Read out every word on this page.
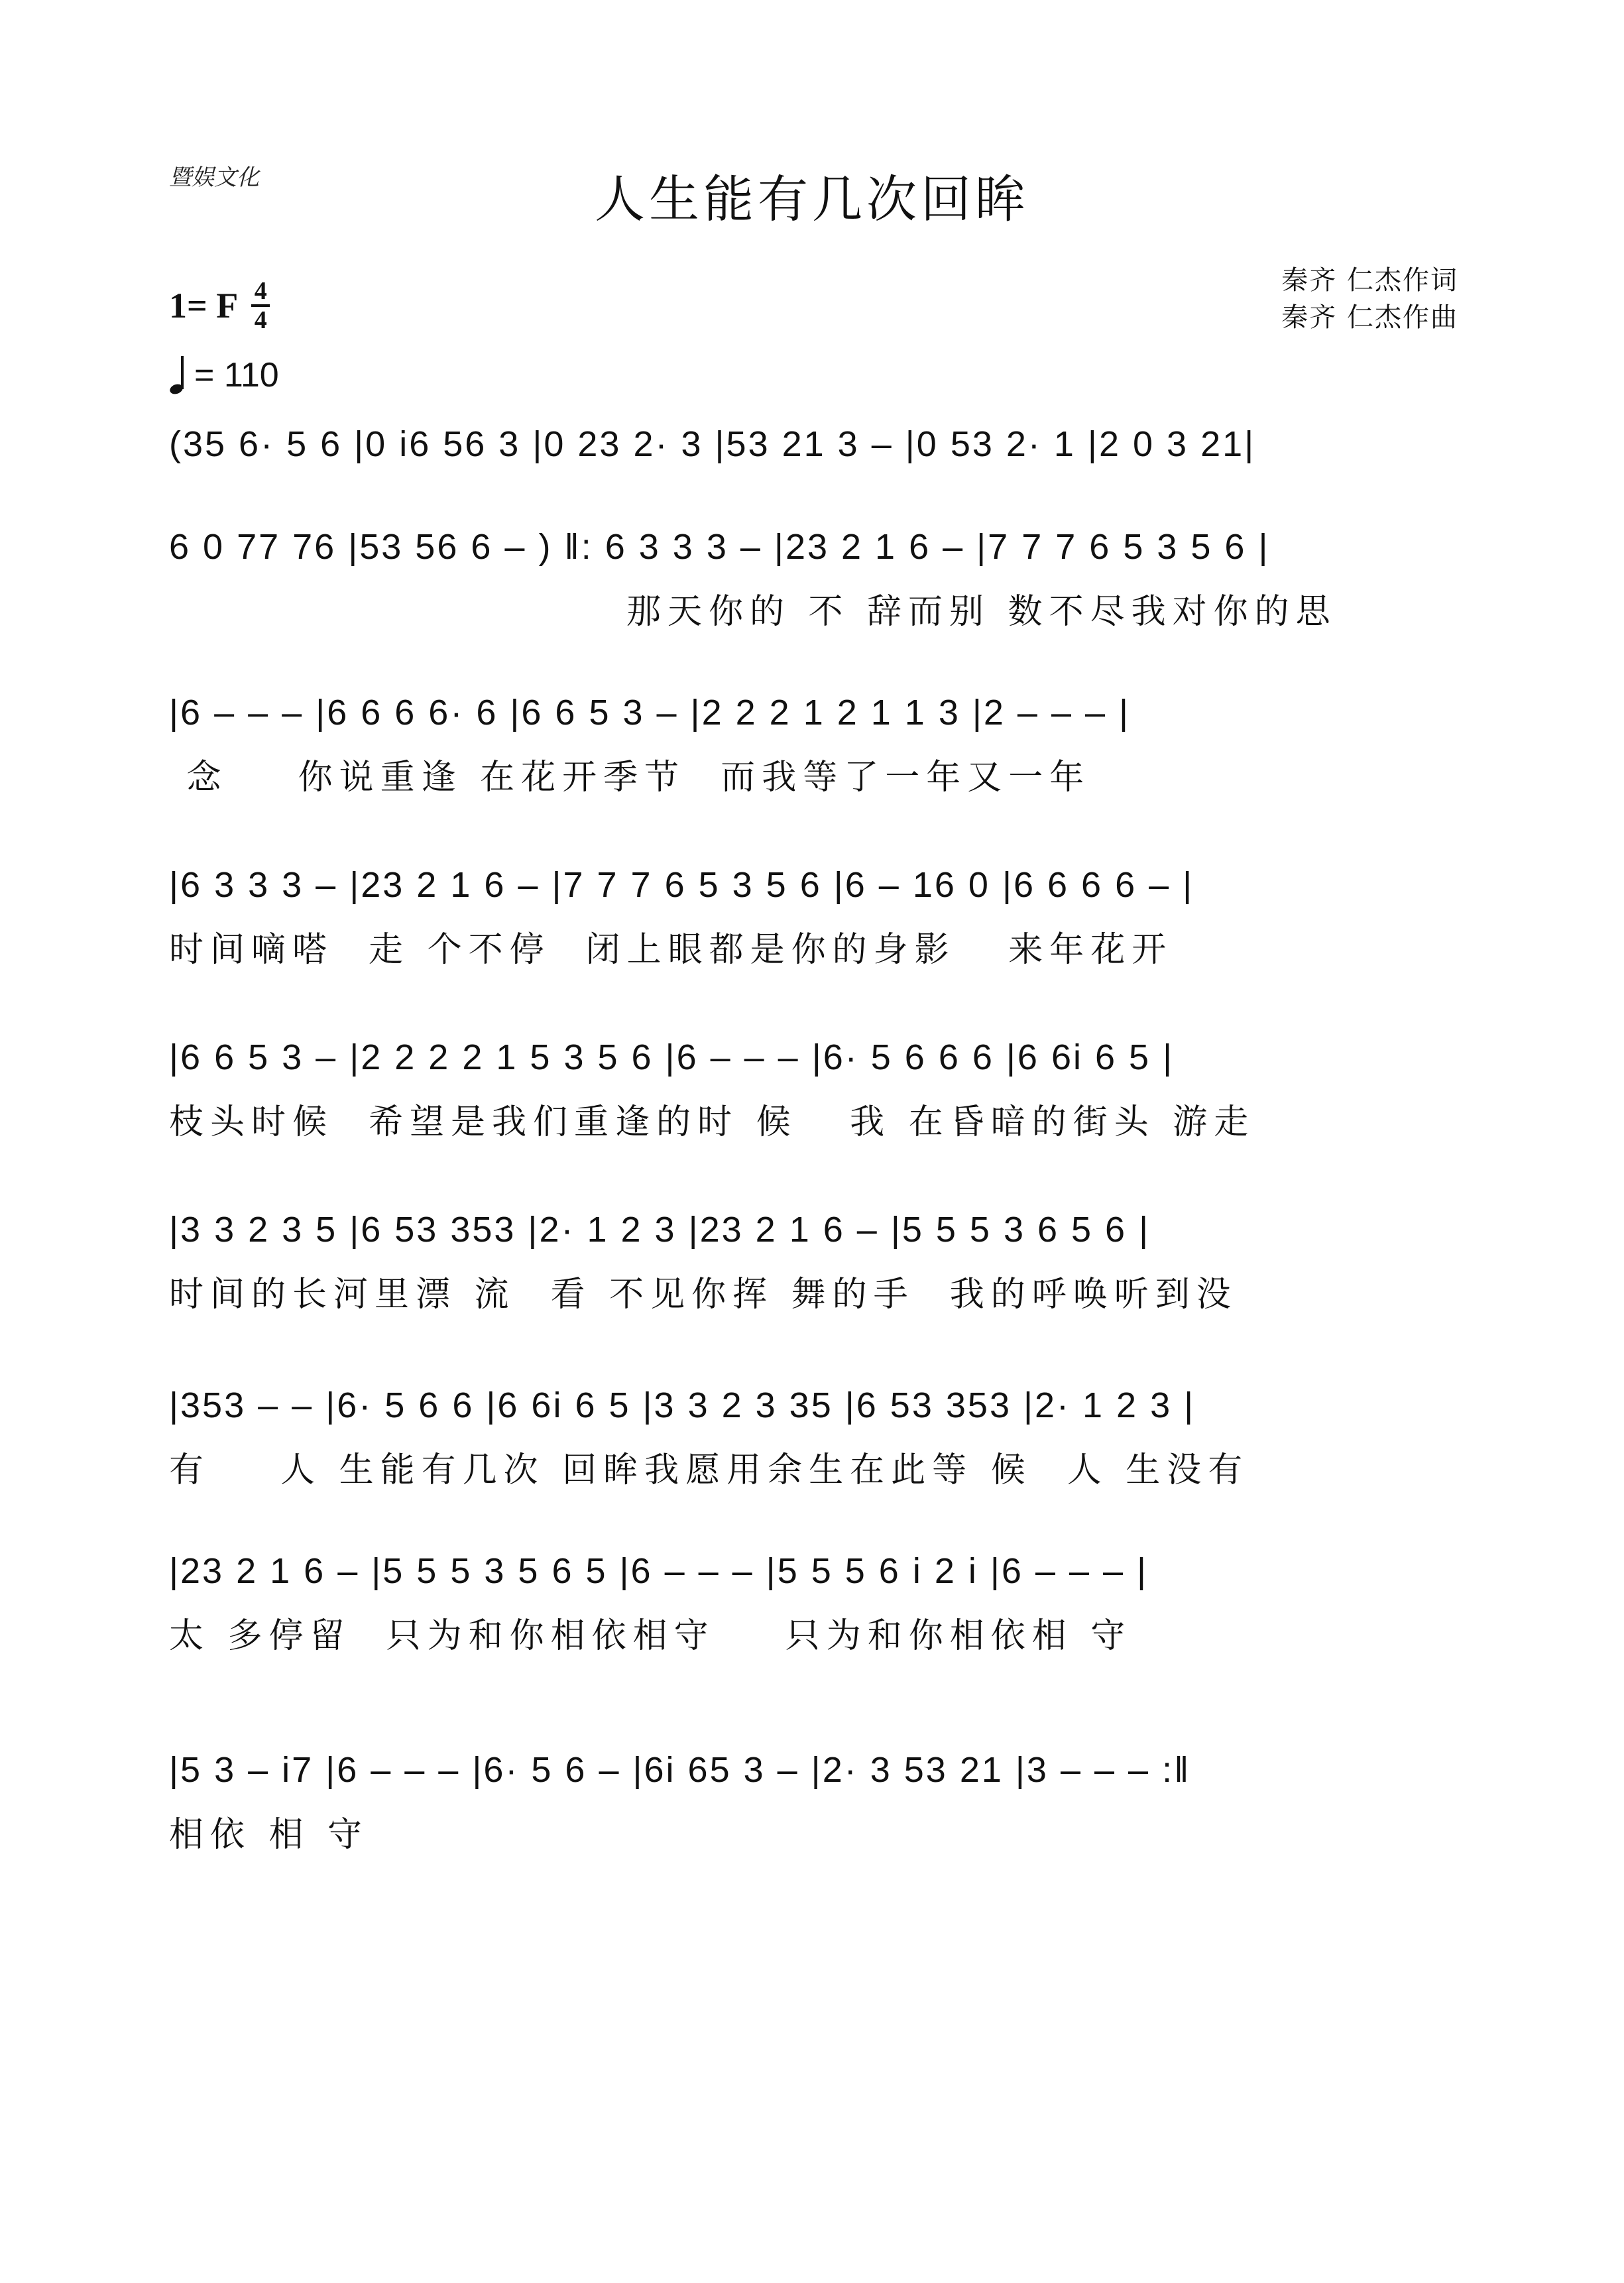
暨娱文化	人生能有几次回眸
秦齐 仁杰作词
秦齐 仁杰作曲
1= F 4
4
= 110
(35 6· 5 6 |0 i6 56 3 |0 23 2· 3 |53 21 3 – |0 53 2· 1 |2 0 3 21|
6 0 77 76 |53 56 6 – ) ‖: 6 3 3 3 – |23 2 1 6 – |7 7 7 6 5 3 5 6 |
那天你的 不 辞而别 数不尽我对你的思
|6 – – – |6 6 6 6· 6 |6 6 5 3 – |2 2 2 1 2 1 1 3 |2 – – – |
念    你说重逢 在花开季节  而我等了一年又一年
|6 3 3 3 – |23 2 1 6 – |7 7 7 6 5 3 5 6 |6 – 16 0 |6 6 6 6 – |
时间嘀嗒  走 个不停  闭上眼都是你的身影   来年花开
|6 6 5 3 – |2 2 2 2 1 5 3 5 6 |6 – – – |6· 5 6 6 6 |6 6i 6 5 |
枝头时候  希望是我们重逢的时 候   我 在昏暗的街头 游走
|3 3 2 3 5 |6 53 353 |2· 1 2 3 |23 2 1 6 – |5 5 5 3 6 5 6 |
时间的长河里漂 流  看 不见你挥 舞的手  我的呼唤听到没
|353 – – |6· 5 6 6 |6 6i 6 5 |3 3 2 3 35 |6 53 353 |2· 1 2 3 |
有    人 生能有几次 回眸我愿用余生在此等 候  人 生没有
|23 2 1 6 – |5 5 5 3 5 6 5 |6 – – – |5 5 5 6 i 2 i |6 – – – |
太 多停留  只为和你相依相守    只为和你相依相 守
|5 3 – i7 |6 – – – |6· 5 6 – |6i 65 3 – |2· 3 53 21 |3 – – – :‖
相依 相 守
